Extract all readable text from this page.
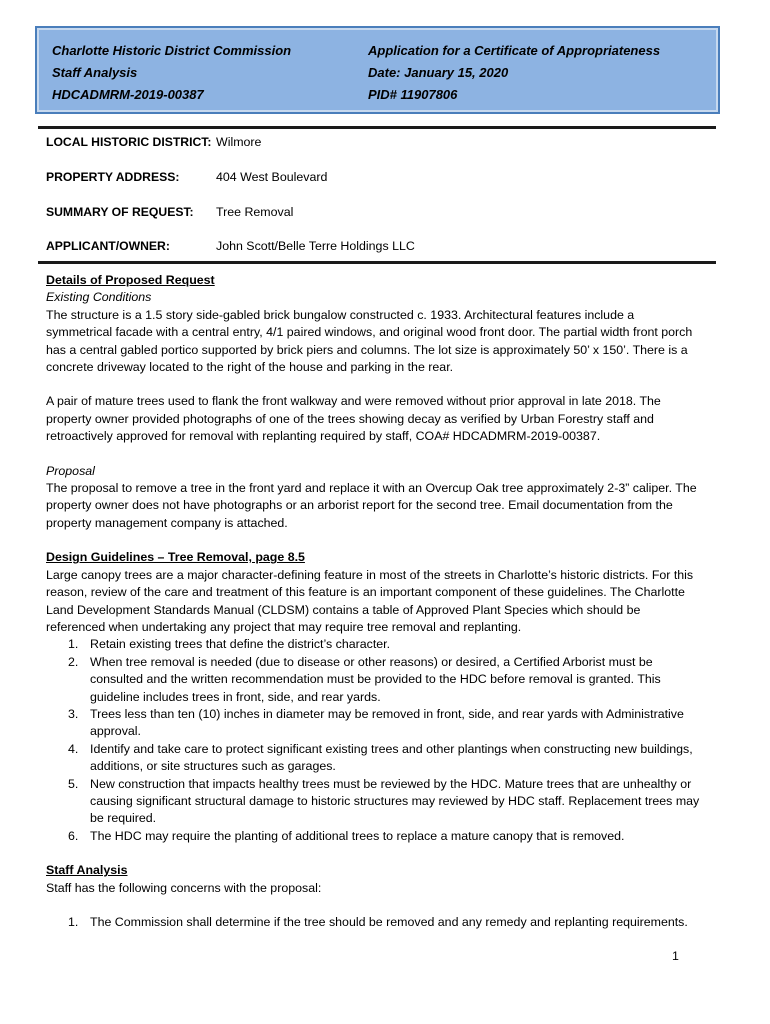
Charlotte Historic District Commission
Staff Analysis
HDCADMRM-2019-00387
Application for a Certificate of Appropriateness
Date: January 15, 2020
PID# 11907806
LOCAL HISTORIC DISTRICT: Wilmore
PROPERTY ADDRESS:	404 West Boulevard
SUMMARY OF REQUEST: Tree Removal
APPLICANT/OWNER:	John Scott/Belle Terre Holdings LLC

Details of Proposed Request

Existing Conditions

The structure is a 1.5 story side-gabled brick bungalow constructed c. 1933. Architectural features include a symmetrical facade with a central entry, 4/1 paired windows, and original wood front door. The partial width front porch has a central gabled portico supported by brick piers and columns. The lot size is approximately 50’ x 150’. There is a concrete driveway located to the right of the house and parking in the rear.

A pair of mature trees used to flank the front walkway and were removed without prior approval in late 2018. The property owner provided photographs of one of the trees showing decay as verified by Urban Forestry staff and retroactively approved for removal with replanting required by staff, COA# HDCADMRM-2019-00387.

Proposal

The proposal to remove a tree in the front yard and replace it with an Overcup Oak tree approximately 2-3” caliper. The property owner does not have photographs or an arborist report for the second tree. Email documentation from the property management company is attached.

Design Guidelines – Tree Removal, page 8.5

Large canopy trees are a major character-defining feature in most of the streets in Charlotte’s historic districts. For this reason, review of the care and treatment of this feature is an important component of these guidelines. The Charlotte Land Development Standards Manual (CLDSM) contains a table of Approved Plant Species which should be referenced when undertaking any project that may require tree removal and replanting.

1. Retain existing trees that define the district’s character.
2. When tree removal is needed (due to disease or other reasons) or desired, a Certified Arborist must be consulted and the written recommendation must be provided to the HDC before removal is granted. This guideline includes trees in front, side, and rear yards.
3. Trees less than ten (10) inches in diameter may be removed in front, side, and rear yards with Administrative approval.
4. Identify and take care to protect significant existing trees and other plantings when constructing new buildings, additions, or site structures such as garages.
5. New construction that impacts healthy trees must be reviewed by the HDC. Mature trees that are unhealthy or causing significant structural damage to historic structures may reviewed by HDC staff. Replacement trees may be required.
6. The HDC may require the planting of additional trees to replace a mature canopy that is removed.

Staff Analysis

Staff has the following concerns with the proposal:

1. The Commission shall determine if the tree should be removed and any remedy and replanting requirements.
1
